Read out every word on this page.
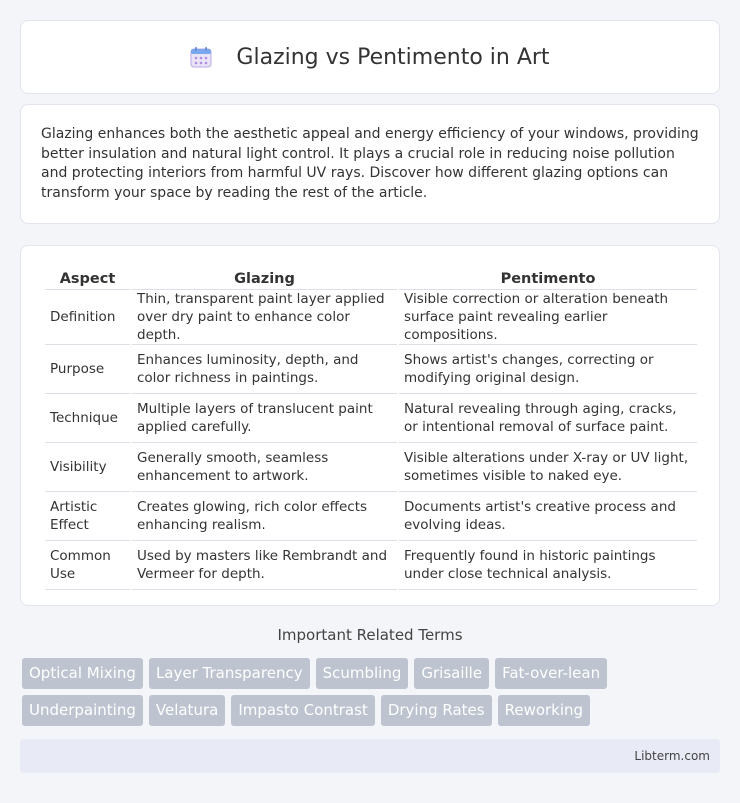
Glazing vs Pentimento in Art

Glazing enhances both the aesthetic appeal and energy efficiency of your windows, providing better insulation and natural light control. It plays a crucial role in reducing noise pollution and protecting interiors from harmful UV rays. Discover how different glazing options can transform your space by reading the rest of the article.

Aspect	Glazing	Pentimento
Definition	Thin, transparent paint layer applied over dry paint to enhance color depth.	Visible correction or alteration beneath surface paint revealing earlier compositions.
Purpose	Enhances luminosity, depth, and color richness in paintings.	Shows artist's changes, correcting or modifying original design.
Technique	Multiple layers of translucent paint applied carefully.	Natural revealing through aging, cracks, or intentional removal of surface paint.
Visibility	Generally smooth, seamless enhancement to artwork.	Visible alterations under X-ray or UV light, sometimes visible to naked eye.
Artistic Effect	Creates glowing, rich color effects enhancing realism.	Documents artist's creative process and evolving ideas.
Common Use	Used by masters like Rembrandt and Vermeer for depth.	Frequently found in historic paintings under close technical analysis.
Important Related Terms
Optical Mixing	Layer Transparency	Scumbling	Grisaille	Fat-over-lean
Underpainting	Velatura	Impasto Contrast	Drying Rates	Reworking
Libterm.com
